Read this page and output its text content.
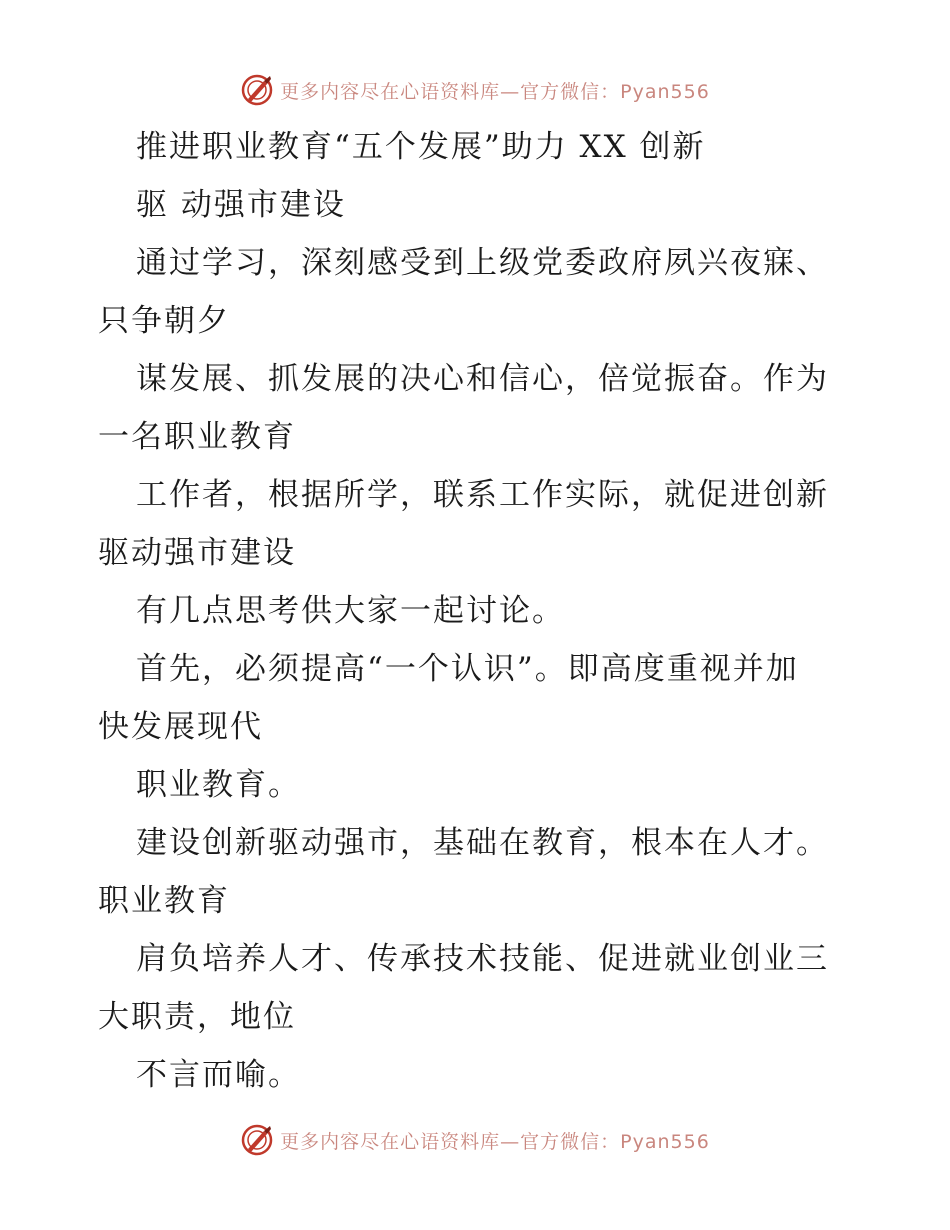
更多内容尽在心语资料库—官方微信：Pyan556
推进职业教育“五个发展”助力 XX 创新
驱 动强市建设
通过学习，深刻感受到上级党委政府夙兴夜寐、
只争朝夕
谋发展、抓发展的决心和信心，倍觉振奋。作为
一名职业教育
工作者，根据所学，联系工作实际，就促进创新
驱动强市建设
有几点思考供大家一起讨论。
首先，必须提高“一个认识”。即高度重视并加
快发展现代
职业教育。
建设创新驱动强市，基础在教育，根本在人才。
职业教育
肩负培养人才、传承技术技能、促进就业创业三
大职责，地位
不言而喻。
更多内容尽在心语资料库—官方微信：Pyan556
